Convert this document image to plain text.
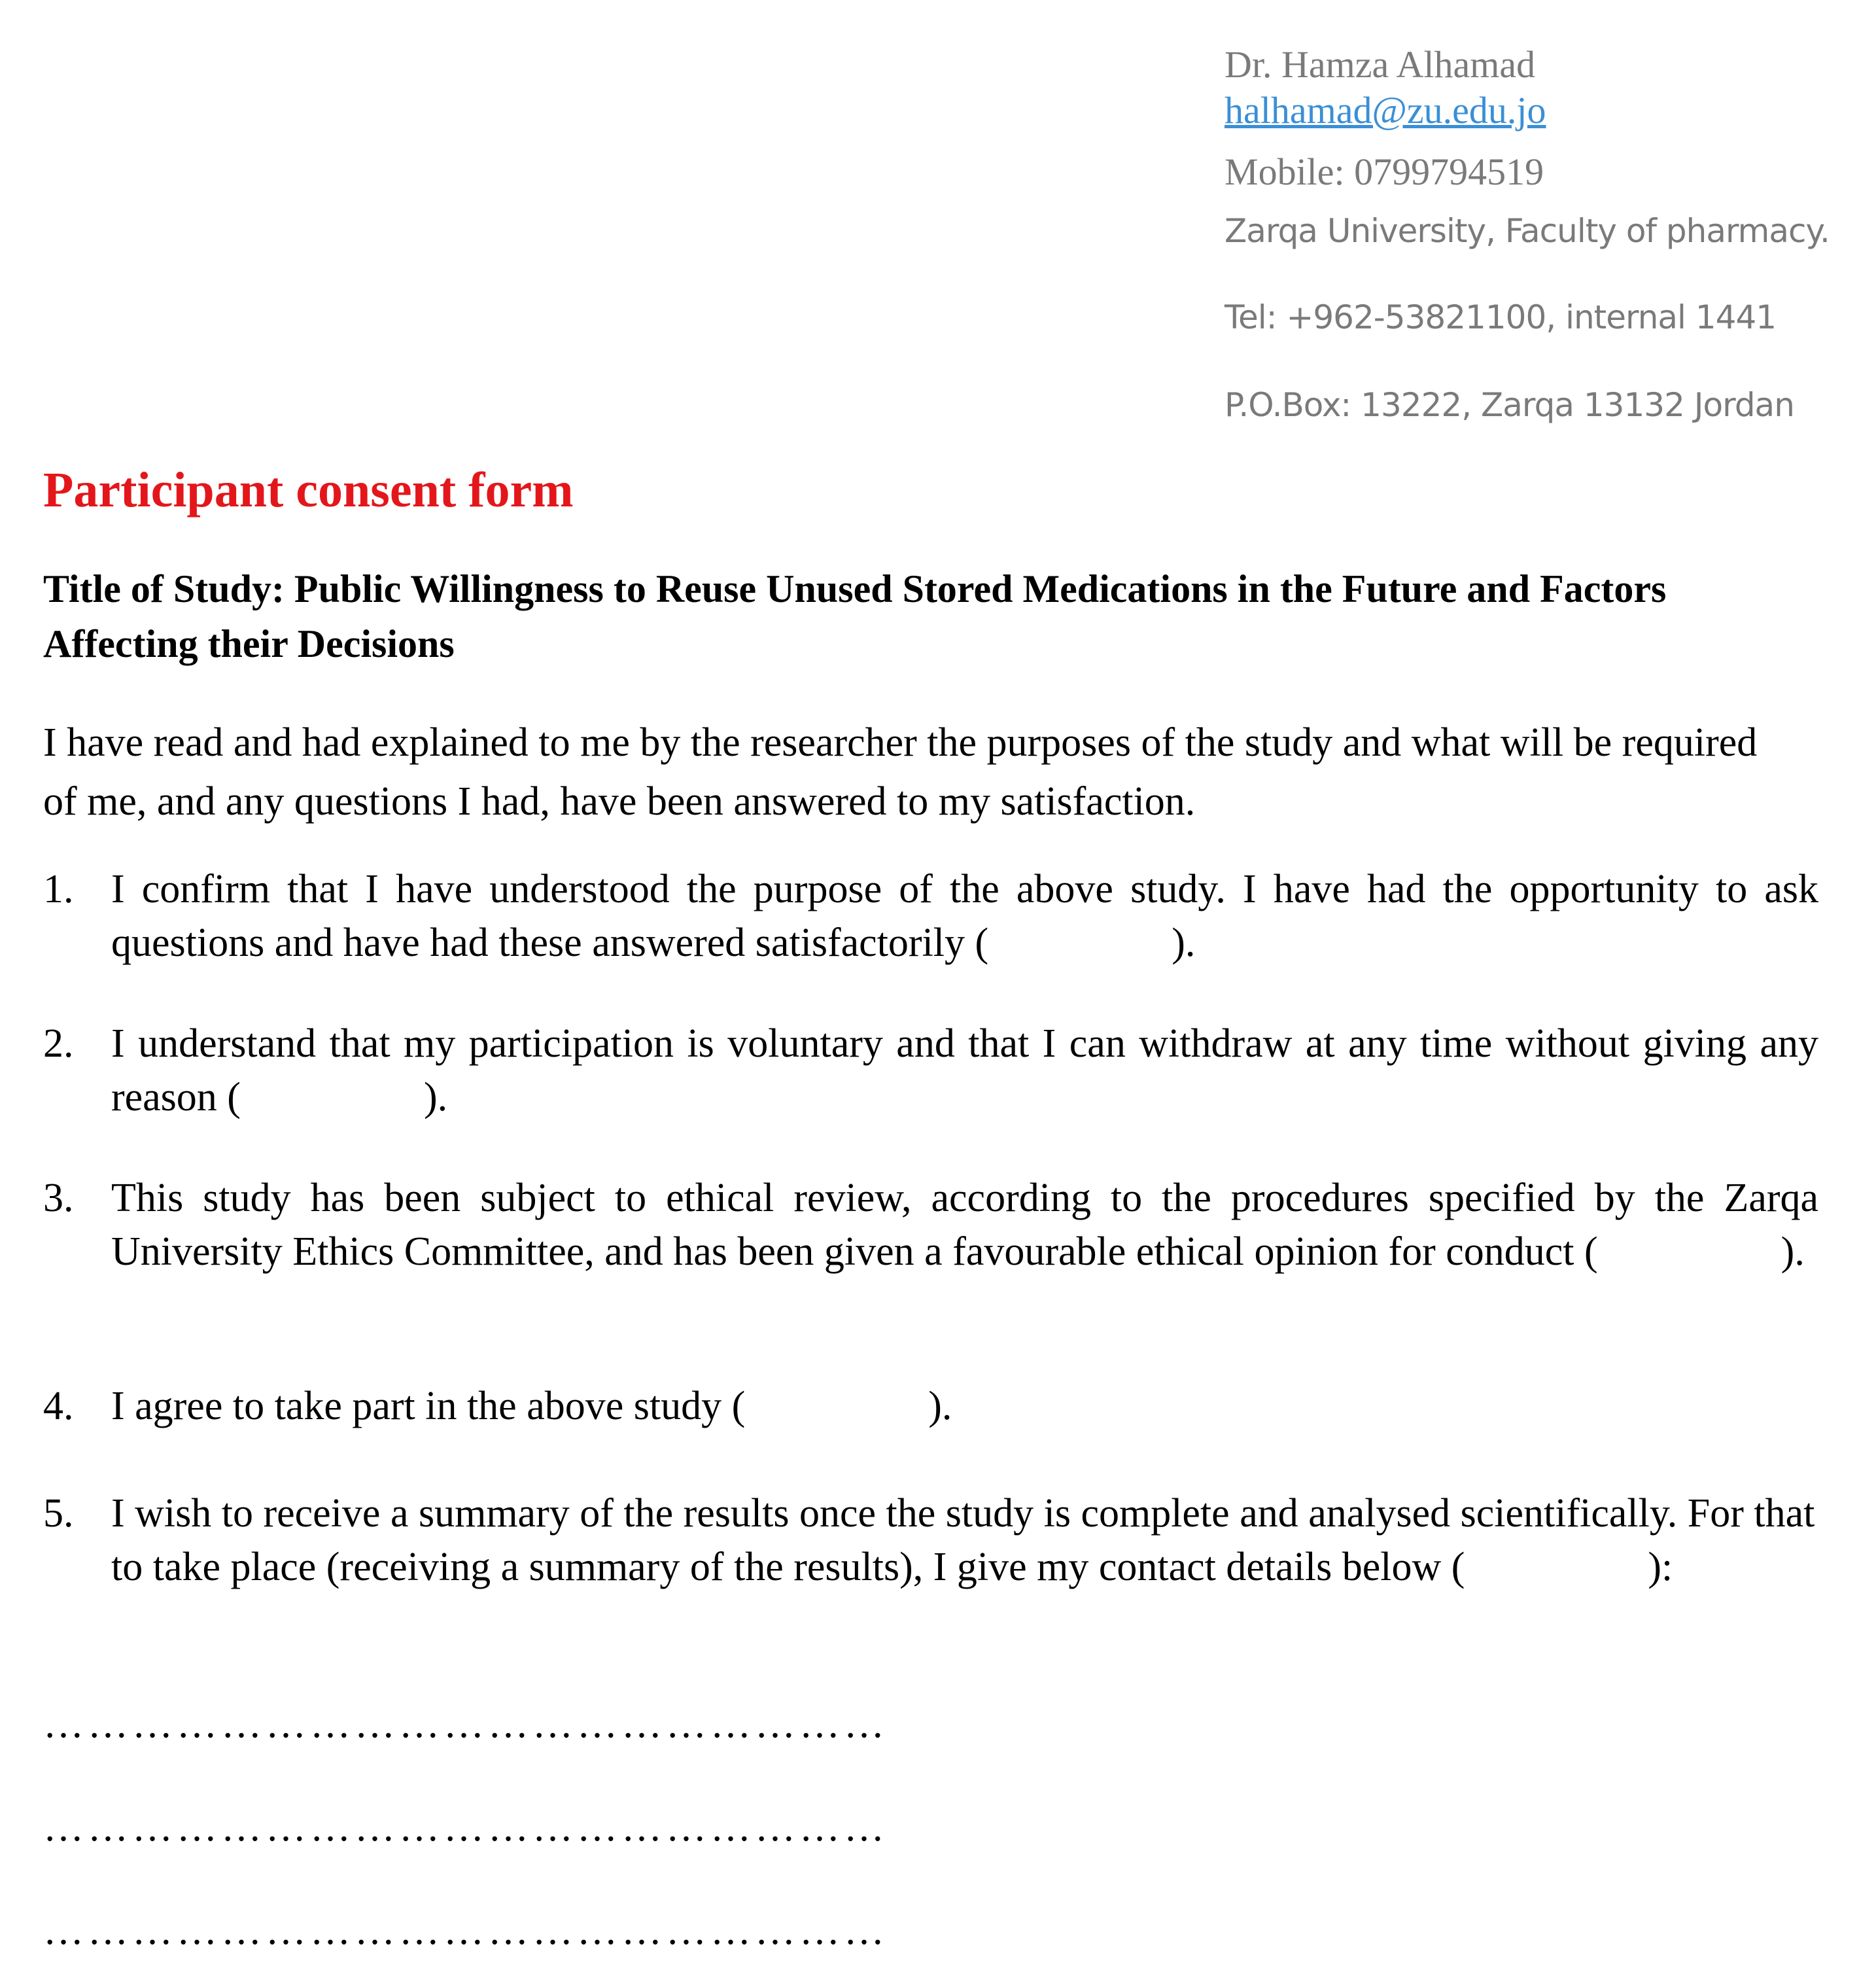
Dr. Hamza Alhamad
halhamad@zu.edu.jo
Mobile: 0799794519
Zarqa University, Faculty of pharmacy.
Tel: +962-53821100, internal 1441
P.O.Box: 13222, Zarqa 13132 Jordan
Participant consent form
Title of Study: Public Willingness to Reuse Unused Stored Medications in the Future and Factors Affecting their Decisions
I have read and had explained to me by the researcher the purposes of the study and what will be required of me, and any questions I had, have been answered to my satisfaction.
1. I confirm that I have understood the purpose of the above study. I have had the opportunity to ask questions and have had these answered satisfactorily (	).
2. I understand that my participation is voluntary and that I can withdraw at any time without giving any reason (	).
3. This study has been subject to ethical review, according to the procedures specified by the Zarqa University Ethics Committee, and has been given a favourable ethical opinion for conduct (	).
4. I agree to take part in the above study (	).
5. I wish to receive a summary of the results once the study is complete and analysed scientifically. For that to take place (receiving a summary of the results), I give my contact details below (	):
…………………………………………………
…………………………………………………
…………………………………………………
